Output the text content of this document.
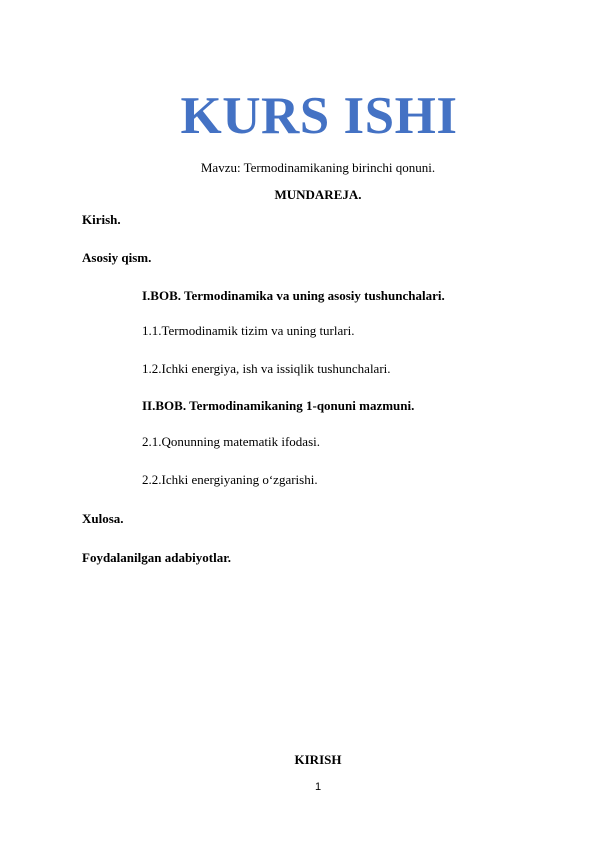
KURS ISHI
Mavzu: Termodinamikaning birinchi qonuni.
MUNDAREJA.
Kirish.
Asosiy qism.
I.BOB. Termodinamika va uning asosiy tushunchalari.
1.1.Termodinamik tizim va uning turlari.
1.2.Ichki energiya, ish va issiqlik tushunchalari.
II.BOB. Termodinamikaning 1-qonuni mazmuni.
2.1.Qonunning matematik ifodasi.
2.2.Ichki energiyaning o‘zgarishi.
Xulosa.
Foydalanilgan adabiyotlar.
KIRISH
1
